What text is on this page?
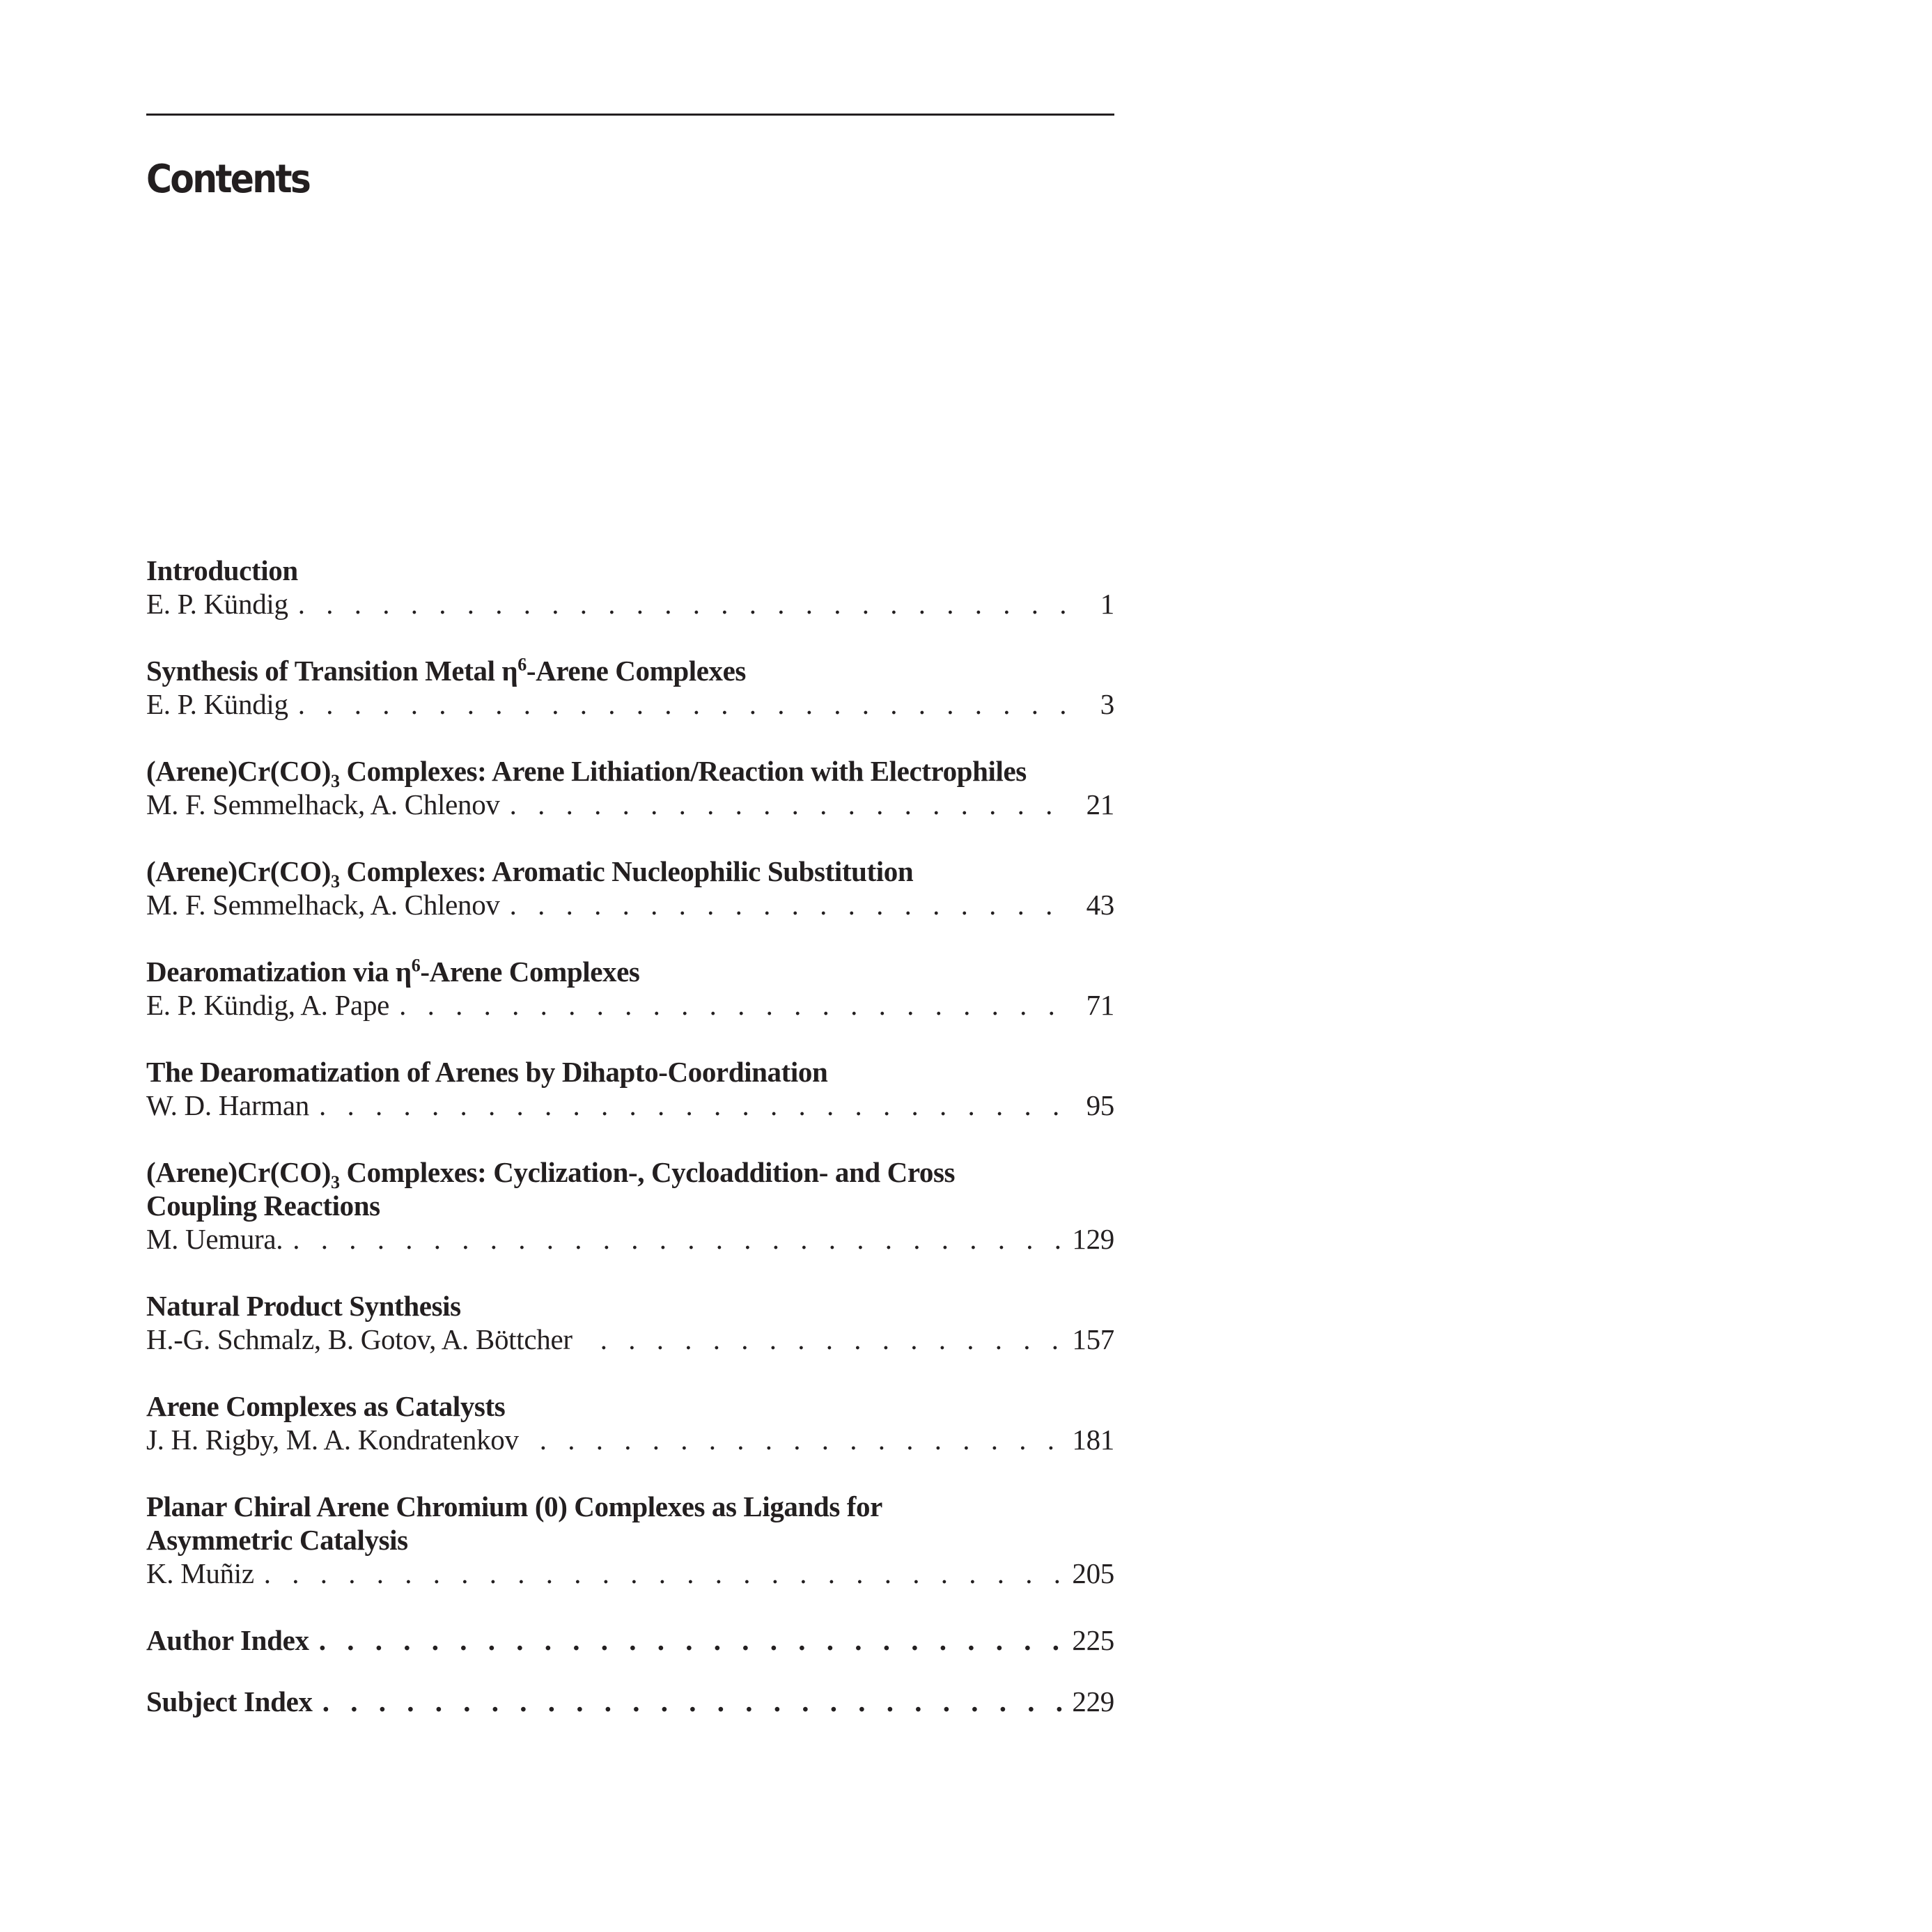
Contents
Introduction
E. P. Kündig . . .	1
Synthesis of Transition Metal $\eta^6$-Arene Complexes
E. P. Kündig . . .	3
$(Arene)Cr(CO)_3$ Complexes: Arene Lithiation/Reaction with Electrophiles
M. F. Semmelhack, A. Chlenov . . .	21
$(Arene)Cr(CO)_3$ Complexes: Aromatic Nucleophilic Substitution
M. F. Semmelhack, A. Chlenov . . .	43
Dearomatization via $\eta^6$-Arene Complexes
E. P. Kündig, A. Pape . . .	71
The Dearomatization of Arenes by Dihapto-Coordination
W. D. Harman . . .	95
$(Arene)Cr(CO)_3$ Complexes: Cyclization-, Cycloaddition- and Cross Coupling Reactions
M. Uemura. . . .	129
Natural Product Synthesis
H.-G. Schmalz, B. Gotov, A. Böttcher . . .	157
Arene Complexes as Catalysts
J. H. Rigby, M. A. Kondratenkov . . .	181
Planar Chiral Arene Chromium (0) Complexes as Ligands for Asymmetric Catalysis
K. Muñiz . . .	205
Author Index . . .	225
Subject Index . . .	229
